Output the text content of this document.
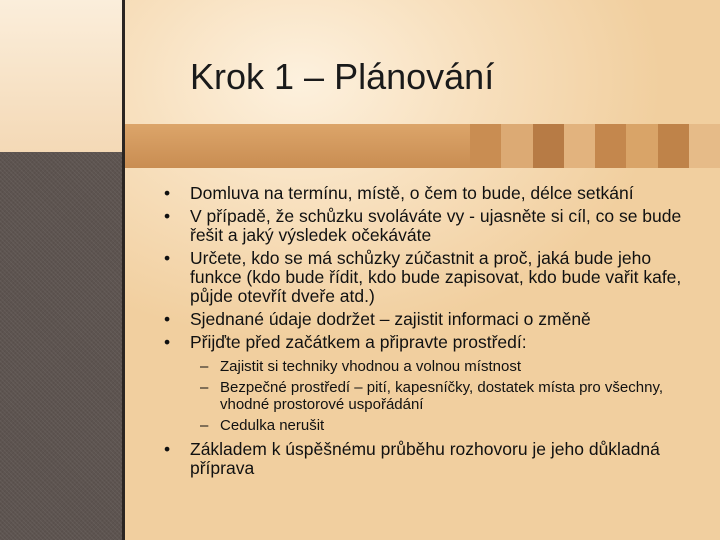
Krok 1 – Plánování
• Domluva na termínu, místě, o čem to bude, délce setkání
• V případě, že schůzku svoláváte vy - ujasněte si cíl, co se bude řešit a jaký výsledek očekáváte
• Určete, kdo se má schůzky zúčastnit a proč, jaká bude jeho funkce (kdo bude řídit, kdo bude zapisovat, kdo bude vařit kafe, půjde otevřít dveře atd.)
• Sjednané údaje dodržet – zajistit informaci o změně
• Přijďte před začátkem a připravte prostředí:
– Zajistit si techniky vhodnou a volnou místnost
– Bezpečné prostředí – pití, kapesníčky, dostatek místa pro všechny, vhodné prostorové uspořádání
– Cedulka nerušit
• Základem k úspěšnému průběhu rozhovoru je jeho důkladná příprava
